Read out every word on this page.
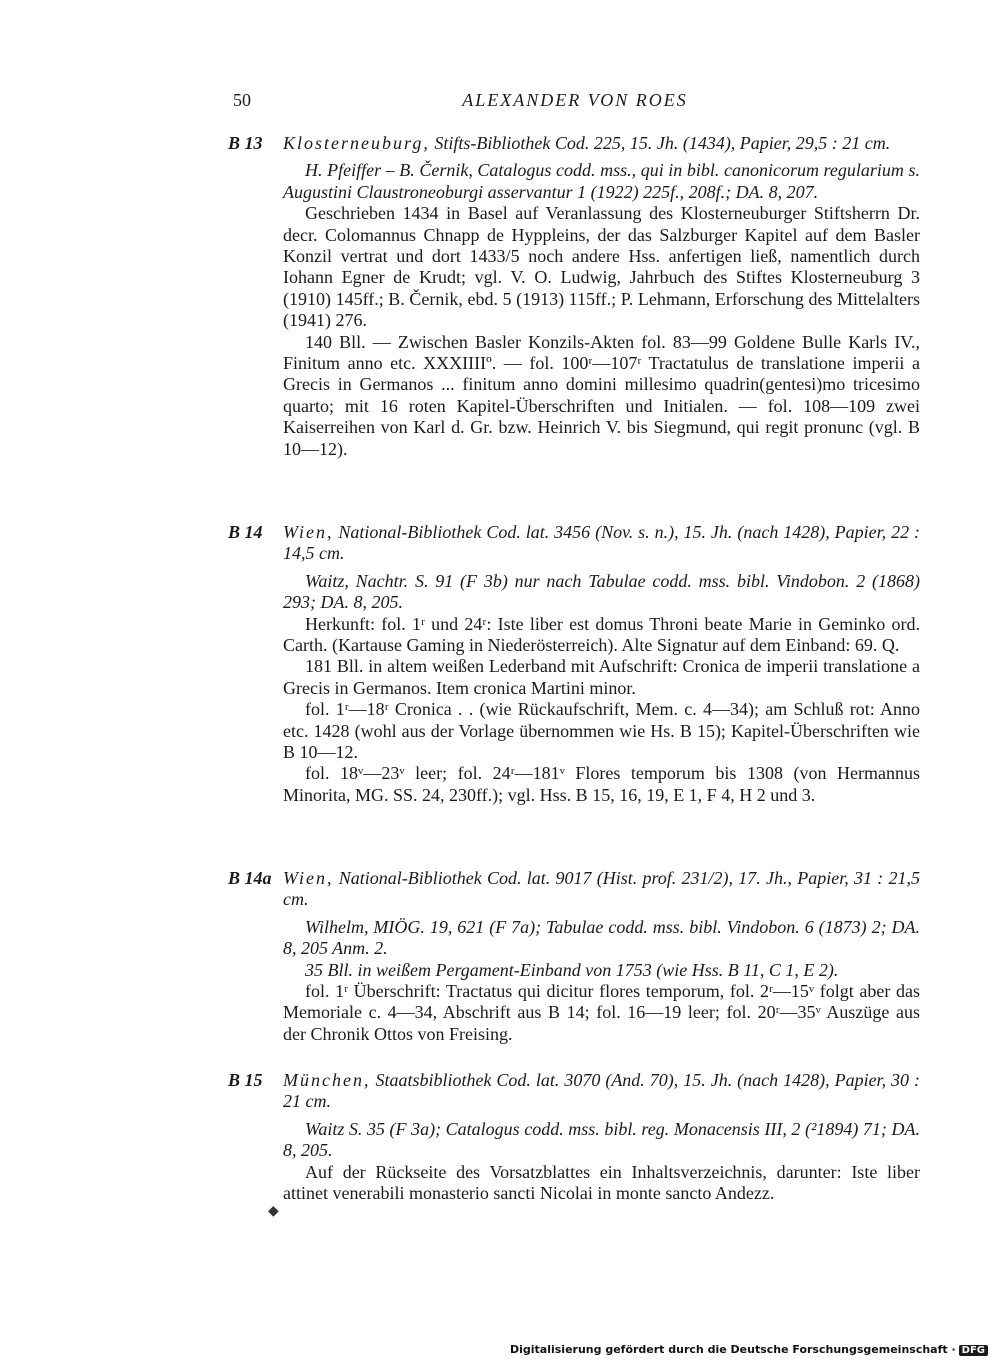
50	ALEXANDER VON ROES

B 13 Klosterneuburg, Stifts-Bibliothek Cod. 225, 15. Jh. (1434), Papier, 29,5 : 21 cm.

H. Pfeiffer – B. Černik, Catalogus codd. mss., qui in bibl. canonicorum regularium s. Augustini Claustroneoburgi asservantur 1 (1922) 225f., 208f.; DA. 8, 207.

Geschrieben 1434 in Basel auf Veranlassung des Klosterneuburger Stiftsherrn Dr. decr. Colomannus Chnapp de Hyppleins, der das Salzburger Kapitel auf dem Basler Konzil vertrat und dort 1433/5 noch andere Hss. anfertigen ließ, namentlich durch Iohann Egner de Krudt; vgl. V. O. Ludwig, Jahrbuch des Stiftes Klosterneuburg 3 (1910) 145ff.; B. Černik, ebd. 5 (1913) 115ff.; P. Lehmann, Erforschung des Mittelalters (1941) 276.

140 Bll. — Zwischen Basler Konzils-Akten fol. 83—99 Goldene Bulle Karls IV., Finitum anno etc. XXXIIIIº. — fol. 100ʳ—107ʳ Tractatulus de translatione imperii a Grecis in Germanos ... finitum anno domini millesimo quadrin(gentesi)mo tricesimo quarto; mit 16 roten Kapitel-Überschriften und Initialen. — fol. 108—109 zwei Kaiserreihen von Karl d. Gr. bzw. Heinrich V. bis Siegmund, qui regit pronunc (vgl. B 10—12).

B 14 Wien, National-Bibliothek Cod. lat. 3456 (Nov. s. n.), 15. Jh. (nach 1428), Papier, 22 : 14,5 cm.

Waitz, Nachtr. S. 91 (F 3b) nur nach Tabulae codd. mss. bibl. Vindobon. 2 (1868) 293; DA. 8, 205.

Herkunft: fol. 1ʳ und 24ʳ: Iste liber est domus Throni beate Marie in Geminko ord. Carth. (Kartause Gaming in Niederösterreich). Alte Signatur auf dem Einband: 69. Q.

181 Bll. in altem weißen Lederband mit Aufschrift: Cronica de imperii translatione a Grecis in Germanos. Item cronica Martini minor.

fol. 1ʳ—18ʳ Cronica . . (wie Rückaufschrift, Mem. c. 4—34); am Schluß rot: Anno etc. 1428 (wohl aus der Vorlage übernommen wie Hs. B 15); Kapitel-Überschriften wie B 10—12.

fol. 18ᵛ—23ᵛ leer; fol. 24ʳ—181ᵛ Flores temporum bis 1308 (von Hermannus Minorita, MG. SS. 24, 230ff.); vgl. Hss. B 15, 16, 19, E 1, F 4, H 2 und 3.

B 14a Wien, National-Bibliothek Cod. lat. 9017 (Hist. prof. 231/2), 17. Jh., Papier, 31 : 21,5 cm.

Wilhelm, MIÖG. 19, 621 (F 7a); Tabulae codd. mss. bibl. Vindobon. 6 (1873) 2; DA. 8, 205 Anm. 2.

35 Bll. in weißem Pergament-Einband von 1753 (wie Hss. B 11, C 1, E 2).

fol. 1ʳ Überschrift: Tractatus qui dicitur flores temporum, fol. 2ʳ—15ᵛ folgt aber das Memoriale c. 4—34, Abschrift aus B 14; fol. 16—19 leer; fol. 20ʳ—35ᵛ Auszüge aus der Chronik Ottos von Freising.

B 15 München, Staatsbibliothek Cod. lat. 3070 (And. 70), 15. Jh. (nach 1428), Papier, 30 : 21 cm.

Waitz S. 35 (F 3a); Catalogus codd. mss. bibl. reg. Monacensis III, 2 (²1894) 71; DA. 8, 205.

Auf der Rückseite des Vorsatzblattes ein Inhaltsverzeichnis, darunter: Iste liber attinet venerabili monasterio sancti Nicolai in monte sancto Andezz.

◆
Digitalisierung gefördert durch die Deutsche Forschungsgemeinschaft · DFG
